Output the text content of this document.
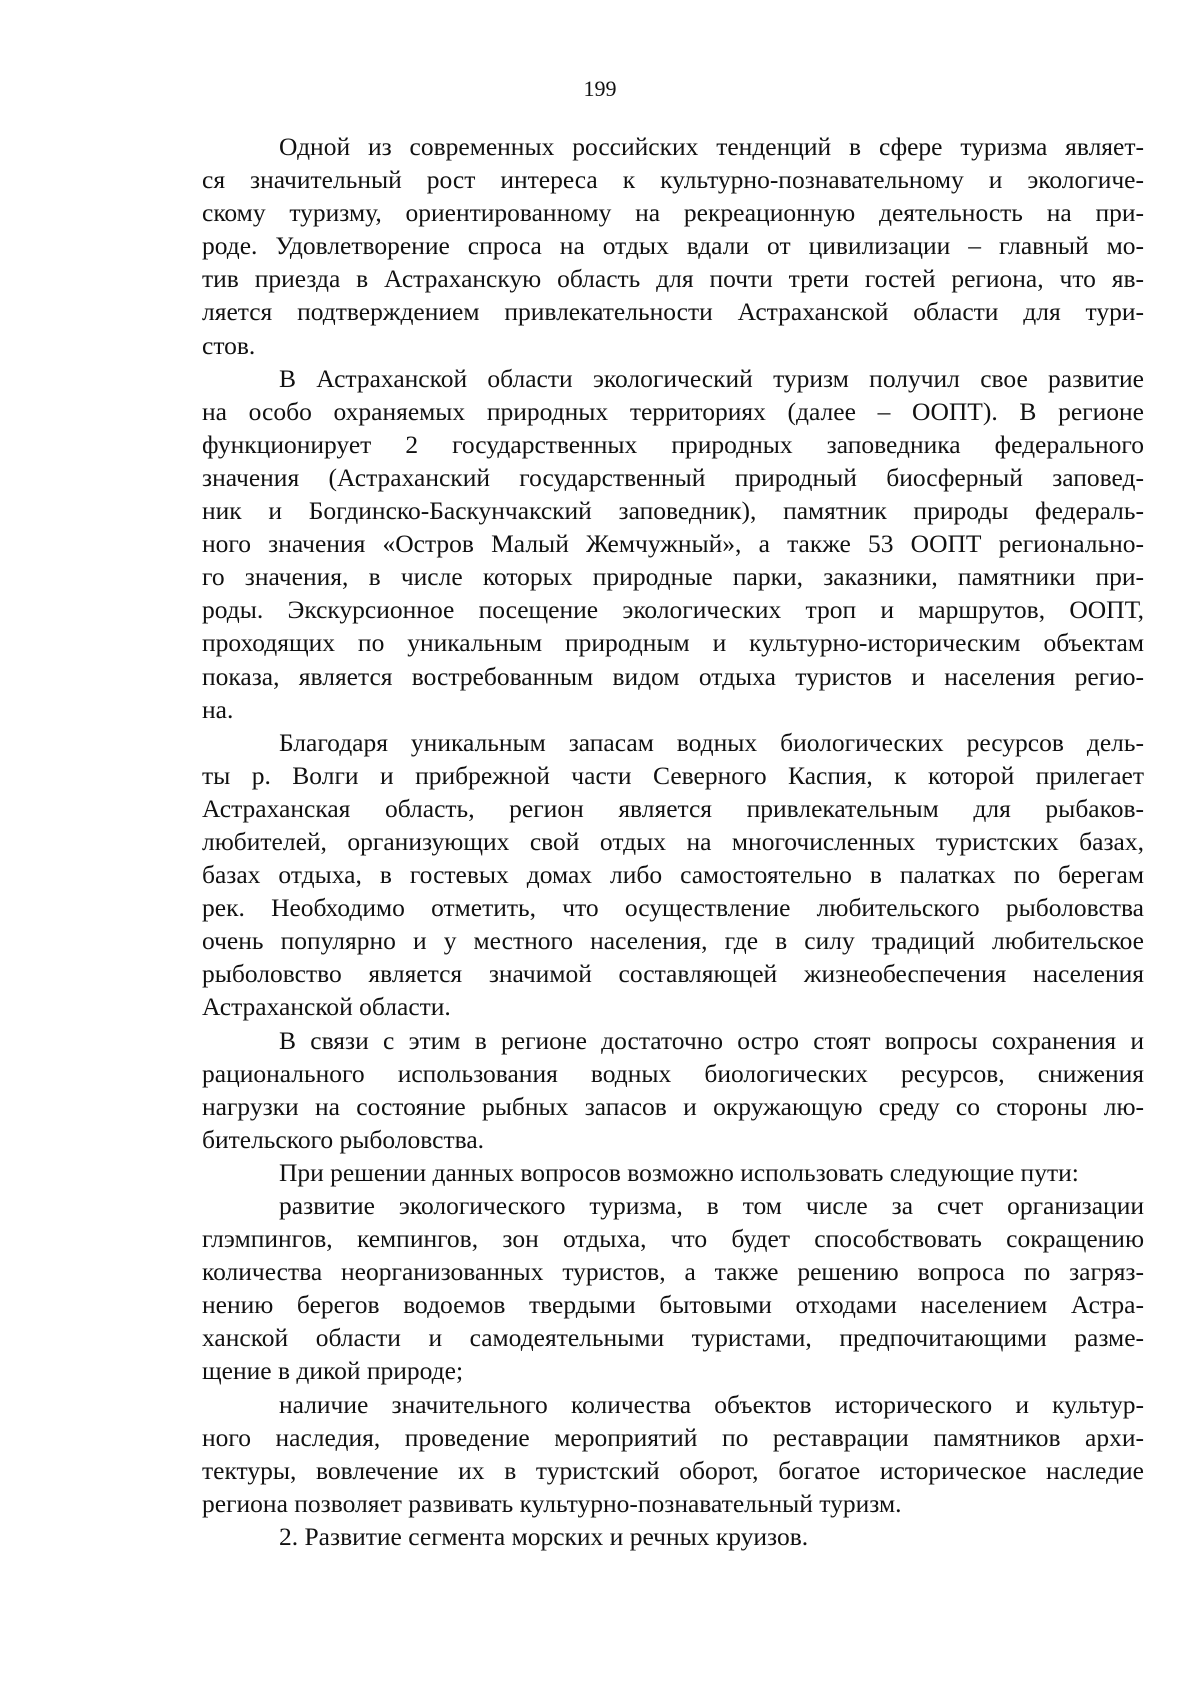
199
Одной из современных российских тенденций в сфере туризма являет-
ся значительный рост интереса к культурно-познавательному и экологиче-
скому туризму, ориентированному на рекреационную деятельность на при-
роде. Удовлетворение спроса на отдых вдали от цивилизации – главный мо-
тив приезда в Астраханскую область для почти трети гостей региона, что яв-
ляется подтверждением привлекательности Астраханской области для тури-
стов.
В Астраханской области экологический туризм получил свое развитие
на особо охраняемых природных территориях (далее – ООПТ). В регионе
функционирует 2 государственных природных заповедника федерального
значения (Астраханский государственный природный биосферный заповед-
ник и Богдинско-Баскунчакский заповедник), памятник природы федераль-
ного значения «Остров Малый Жемчужный», а также 53 ООПТ регионально-
го значения, в числе которых природные парки, заказники, памятники при-
роды. Экскурсионное посещение экологических троп и маршрутов, ООПТ,
проходящих по уникальным природным и культурно-историческим объектам
показа, является востребованным видом отдыха туристов и населения регио-
на.
Благодаря уникальным запасам водных биологических ресурсов дель-
ты р. Волги и прибрежной части Северного Каспия, к которой прилегает
Астраханская область, регион является привлекательным для рыбаков-
любителей, организующих свой отдых на многочисленных туристских базах,
базах отдыха, в гостевых домах либо самостоятельно в палатках по берегам
рек. Необходимо отметить, что осуществление любительского рыболовства
очень популярно и у местного населения, где в силу традиций любительское
рыболовство является значимой составляющей жизнеобеспечения населения
Астраханской области.
В связи с этим в регионе достаточно остро стоят вопросы сохранения и
рационального использования водных биологических ресурсов, снижения
нагрузки на состояние рыбных запасов и окружающую среду со стороны лю-
бительского рыболовства.
При решении данных вопросов возможно использовать следующие пути:
развитие экологического туризма, в том числе за счет организации
глэмпингов, кемпингов, зон отдыха, что будет способствовать сокращению
количества неорганизованных туристов, а также решению вопроса по загряз-
нению берегов водоемов твердыми бытовыми отходами населением Астра-
ханской области и самодеятельными туристами, предпочитающими разме-
щение в дикой природе;
наличие значительного количества объектов исторического и культур-
ного наследия, проведение мероприятий по реставрации памятников архи-
тектуры, вовлечение их в туристский оборот, богатое историческое наследие
региона позволяет развивать культурно-познавательный туризм.
2. Развитие сегмента морских и речных круизов.
